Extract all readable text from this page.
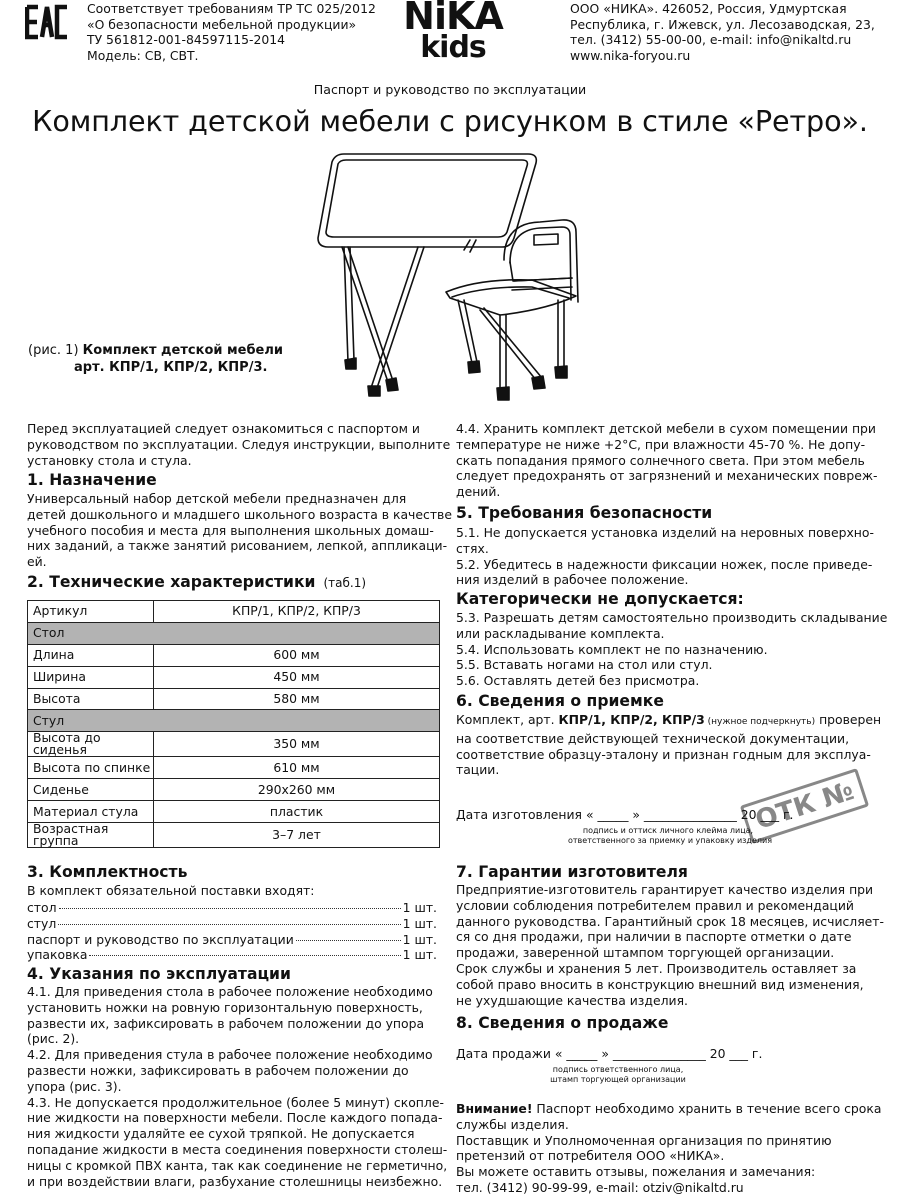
Соответствует требованиям ТР ТС 025/2012
«О безопасности мебельной продукции»
ТУ 561812-001-84597115-2014
Модель: СВ, СВТ.
NiKA
kids
ООО «НИКА». 426052, Россия, Удмуртская
Республика, г. Ижевск, ул. Лесозаводская, 23,
тел. (3412) 55-00-00, e-mail: info@nikaltd.ru
www.nika-foryou.ru
Паспорт и руководство по эксплуатации
Комплект детской мебели с рисунком в стиле «Ретро».
(рис. 1) Комплект детской мебели
арт. КПР/1, КПР/2, КПР/3.
Перед эксплуатацией следует ознакомиться с паспортом и
руководством по эксплуатации. Следуя инструкции, выполните
установку стола и стула.
1. Назначение
Универсальный набор детской мебели предназначен для
детей дошкольного и младшего школьного возраста в качестве
учебного пособия и места для выполнения школьных домаш-
них заданий, а также занятий рисованием, лепкой, аппликаци-
ей.
2. Технические характеристики (таб.1)
Артикул	КПР/1, КПР/2, КПР/3
Стол	
Длина	600 мм
Ширина	450 мм
Высота	580 мм
Стул	
Высота до сиденья	350 мм
Высота по спинке	610 мм
Сиденье	290х260 мм
Материал стула	пластик
Возрастная группа	3–7 лет
3. Комплектность
В комплект обязательной поставки входят:
стол	1 шт.
стул	1 шт.
паспорт и руководство по эксплуатации	1 шт.
упаковка	1 шт.
4. Указания по эксплуатации
4.1. Для приведения стола в рабочее положение необходимо
установить ножки на ровную горизонтальную поверхность,
развести их, зафиксировать в рабочем положении до упора
(рис. 2).
4.2. Для приведения стула в рабочее положение необходимо
развести ножки, зафиксировать в рабочем положении до
упора (рис. 3).
4.3. Не допускается продолжительное (более 5 минут) скопле-
ние жидкости на поверхности мебели. После каждого попада-
ния жидкости удаляйте ее сухой тряпкой. Не допускается
попадание жидкости в места соединения поверхности столеш-
ницы с кромкой ПВХ канта, так как соединение не герметично,
и при воздействии влаги, разбухание столешницы неизбежно.
4.4. Хранить комплект детской мебели в сухом помещении при
температуре не ниже +2°С, при влажности 45-70 %. Не допу-
скать попадания прямого солнечного света. При этом мебель
следует предохранять от загрязнений и механических повреж-
дений.
5. Требования безопасности
5.1. Не допускается установка изделий на неровных поверхно-
стях.
5.2. Убедитесь в надежности фиксации ножек, после приведе-
ния изделий в рабочее положение.
Категорически не допускается:
5.3. Разрешать детям самостоятельно производить складывание
или раскладывание комплекта.
5.4. Использовать комплект не по назначению.
5.5. Вставать ногами на стол или стул.
5.6. Оставлять детей без присмотра.
6. Сведения о приемке
Комплект, арт. КПР/1, КПР/2, КПР/3 (нужное подчеркнуть) проверен
на соответствие действующей технической документации,
соответствие образцу-эталону и признан годным для эксплуа-
тации.
ОТК №
Дата изготовления « _____ » _______________ 20 ___ г.
подпись и оттиск личного клейма лица,
ответственного за приемку и упаковку изделия
7. Гарантии изготовителя
Предприятие-изготовитель гарантирует качество изделия при
условии соблюдения потребителем правил и рекомендаций
данного руководства. Гарантийный срок 18 месяцев, исчисляет-
ся со дня продажи, при наличии в паспорте отметки о дате
продажи, заверенной штампом торгующей организации.
Срок службы и хранения 5 лет. Производитель оставляет за
собой право вносить в конструкцию внешний вид изменения,
не ухудшающие качества изделия.
8. Сведения о продаже
Дата продажи « _____ » _______________ 20 ___ г.
подпись ответственного лица,
штамп торгующей организации
Внимание! Паспорт необходимо хранить в течение всего срока
службы изделия.
Поставщик и Уполномоченная организация по принятию
претензий от потребителя ООО «НИКА».
Вы можете оставить отзывы, пожелания и замечания:
тел. (3412) 90-99-99, e-mail: otziv@nikaltd.ru
